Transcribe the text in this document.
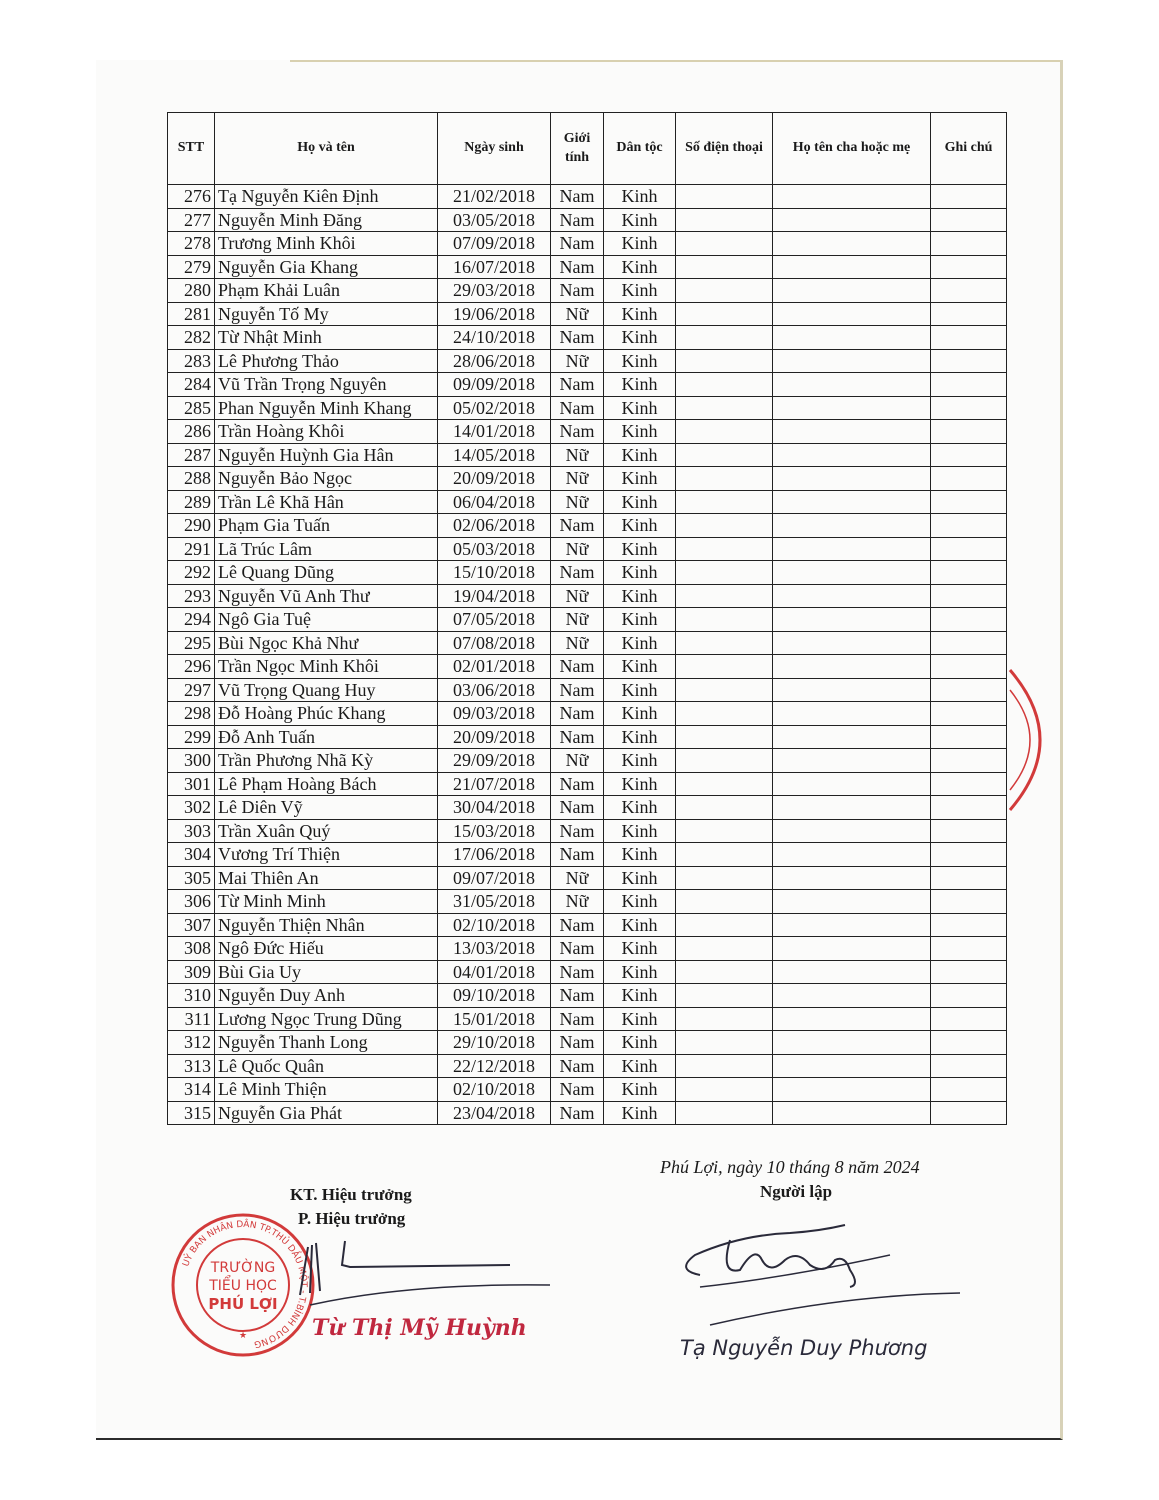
STT	Họ và tên	Ngày sinh	Giới tính	Dân tộc	Số điện thoại	Họ tên cha hoặc mẹ	Ghi chú
276	Tạ Nguyễn Kiên Định	21/02/2018	Nam	Kinh			
277	Nguyễn Minh Đăng	03/05/2018	Nam	Kinh			
278	Trương Minh Khôi	07/09/2018	Nam	Kinh			
279	Nguyễn Gia Khang	16/07/2018	Nam	Kinh			
280	Phạm Khải Luân	29/03/2018	Nam	Kinh			
281	Nguyễn Tố My	19/06/2018	Nữ	Kinh			
282	Từ Nhật Minh	24/10/2018	Nam	Kinh			
283	Lê Phương Thảo	28/06/2018	Nữ	Kinh			
284	Vũ Trần Trọng Nguyên	09/09/2018	Nam	Kinh			
285	Phan Nguyễn Minh Khang	05/02/2018	Nam	Kinh			
286	Trần Hoàng Khôi	14/01/2018	Nam	Kinh			
287	Nguyễn Huỳnh Gia Hân	14/05/2018	Nữ	Kinh			
288	Nguyễn Bảo Ngọc	20/09/2018	Nữ	Kinh			
289	Trần Lê Khã Hân	06/04/2018	Nữ	Kinh			
290	Phạm Gia Tuấn	02/06/2018	Nam	Kinh			
291	Lã Trúc Lâm	05/03/2018	Nữ	Kinh			
292	Lê Quang Dũng	15/10/2018	Nam	Kinh			
293	Nguyễn Vũ Anh Thư	19/04/2018	Nữ	Kinh			
294	Ngô Gia Tuệ	07/05/2018	Nữ	Kinh			
295	Bùi Ngọc Khả Như	07/08/2018	Nữ	Kinh			
296	Trần Ngọc Minh Khôi	02/01/2018	Nam	Kinh			
297	Vũ Trọng Quang Huy	03/06/2018	Nam	Kinh			
298	Đỗ Hoàng Phúc Khang	09/03/2018	Nam	Kinh			
299	Đỗ Anh Tuấn	20/09/2018	Nam	Kinh			
300	Trần Phương Nhã Kỳ	29/09/2018	Nữ	Kinh			
301	Lê Phạm Hoàng Bách	21/07/2018	Nam	Kinh			
302	Lê Diên Vỹ	30/04/2018	Nam	Kinh			
303	Trần Xuân Quý	15/03/2018	Nam	Kinh			
304	Vương Trí Thiện	17/06/2018	Nam	Kinh			
305	Mai Thiên An	09/07/2018	Nữ	Kinh			
306	Từ Minh Minh	31/05/2018	Nữ	Kinh			
307	Nguyễn Thiện Nhân	02/10/2018	Nam	Kinh			
308	Ngô Đức Hiếu	13/03/2018	Nam	Kinh			
309	Bùi Gia Uy	04/01/2018	Nam	Kinh			
310	Nguyễn Duy Anh	09/10/2018	Nam	Kinh			
311	Lương Ngọc Trung Dũng	15/01/2018	Nam	Kinh			
312	Nguyễn Thanh Long	29/10/2018	Nam	Kinh			
313	Lê Quốc Quân	22/12/2018	Nam	Kinh			
314	Lê Minh Thiện	02/10/2018	Nam	Kinh			
315	Nguyễn Gia Phát	23/04/2018	Nam	Kinh			
Phú Lợi, ngày 10 tháng 8 năm 2024
Người lập
KT. Hiệu trưởng
P. Hiệu trưởng
UỶ BAN NHÂN DÂN TP.THỦ DẦU MỘT - T.BÌNH DƯƠNG
TRƯỜNG
TIỂU HỌC
PHÚ LỢI
★	Từ Thị Mỹ Huỳnh
Tạ Nguyễn Duy Phương
